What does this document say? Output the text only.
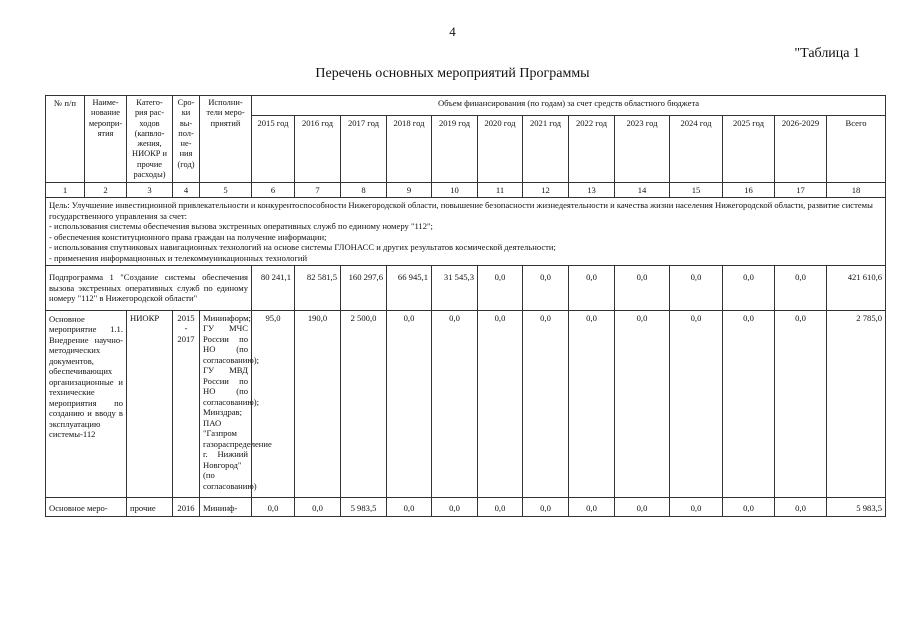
4
"Таблица 1
Перечень основных мероприятий Программы
№ п/п	Наиме-нование меропри-ятия	Катего-рия рас-ходов (капвло-жения, НИОКР и прочие расходы)	Сро-ки вы-пол-не-ния (год)	Исполни-тели меро-приятий	Объем финансирования (по годам) за счет средств областного бюджета												
					2015 год	2016 год	2017 год	2018 год	2019 год	2020 год	2021 год	2022 год	2023 год	2024 год	2025 год	2026-2029	Всего
1	2	3	4	5	6	7	8	9	10	11	12	13	14	15	16	17	18

Цель: Улучшение инвестиционной привлекательности и конкурентоспособности Нижегородской области, повышение безопасности жизнедеятельности и качества жизни населения Нижегородской области, развитие системы государственного управления за счет:
- использования системы обеспечения вызова экстренных оперативных служб по единому номеру "112";
- обеспечения конституционного права граждан на получение информации;
- использования спутниковых навигационных технологий на основе системы ГЛОНАСС и других результатов космической деятельности;
- применения информационных и телекоммуникационных технологий																	

Подпрограмма 1 "Создание системы обеспечения вызова экстренных оперативных служб по единому номеру "112" в Нижегородской области"					80 241,1	82 581,5	160 297,6	66 945,1	31 545,3	0,0	0,0	0,0	0,0	0,0	0,0	0,0	421 610,6
Основное мероприятие 1.1. Внедрение научно-методических документов, обеспечивающих организационные и технические мероприятия по созданию и вводу в эксплуатацию системы-112		НИОКР	2015 - 2017	Мининформ; ГУ МЧС России по НО (по согласованию); ГУ МВД России по НО (по согласованию); Минздрав; ПАО "Газпром газораспределение г. Нижний Новгород" (по согласованию)	95,0	190,0	2 500,0	0,0	0,0	0,0	0,0	0,0	0,0	0,0	0,0	0,0	2 785,0
Основное меро-		прочие	2016	Мининф-	0,0	0,0	5 983,5	0,0	0,0	0,0	0,0	0,0	0,0	0,0	0,0	0,0	5 983,5
